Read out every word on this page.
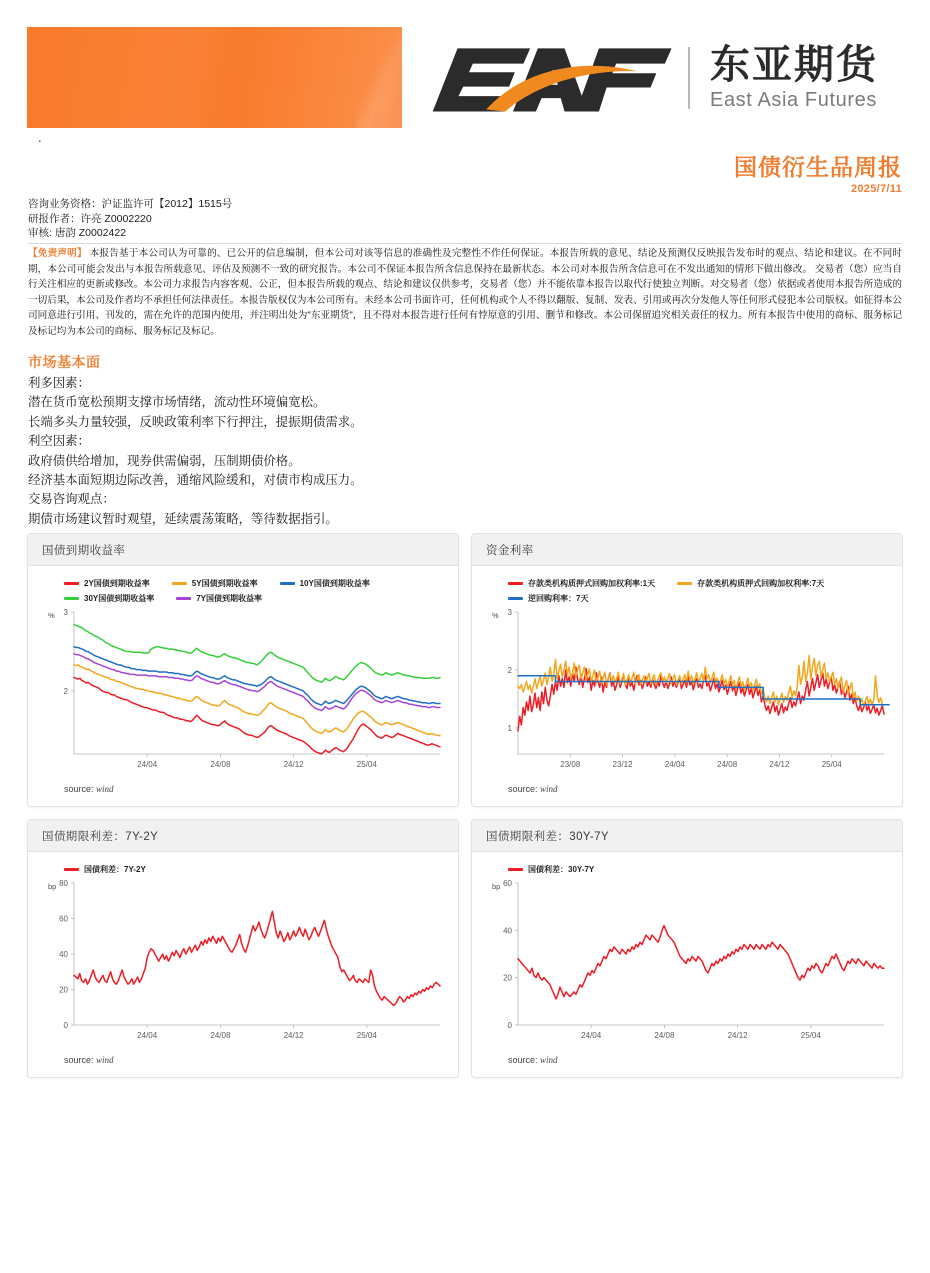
东亚期货
East Asia Futures
.
国债衍生品周报
2025/7/11
咨询业务资格：沪证监许可【2012】1515号
研报作者：许亮 Z0002220
审核: 唐韵 Z0002422
【免责声明】 本报告基于本公司认为可靠的、已公开的信息编制，但本公司对该等信息的准确性及完整性不作任何保证。本报告所载的意见、结论及预测仅反映报告发布时的观点、结论和建议。在不同时期，本公司可能会发出与本报告所载意见、评估及预测不一致的研究报告。本公司不保证本报告所含信息保持在最新状态。本公司对本报告所含信息可在不发出通知的情形下做出修改。 交易者（您）应当自行关注相应的更新或修改。本公司力求报告内容客观、公正，但本报告所载的观点、结论和建议仅供参考，交易者（您）并不能依靠本报告以取代行使独立判断。对交易者（您）依据或者使用本报告所造成的一切后果，本公司及作者均不承担任何法律责任。本报告版权仅为本公司所有。未经本公司书面许可，任何机构或个人不得以翻版、复制、发表、引用或再次分发他人等任何形式侵犯本公司版权。如征得本公司同意进行引用、刊发的，需在允许的范围内使用，并注明出处为"东亚期货"，且不得对本报告进行任何有悖原意的引用、删节和修改。本公司保留追究相关责任的权力。所有本报告中使用的商标、服务标记及标记均为本公司的商标、服务标记及标记。
市场基本面
利多因素：
潜在货币宽松预期支撑市场情绪，流动性环境偏宽松。
长端多头力量较强，反映政策利率下行押注，提振期债需求。
利空因素：
政府债供给增加，现券供需偏弱，压制期债价格。
经济基本面短期边际改善，通缩风险缓和，对债市构成压力。
交易咨询观点：
期债市场建议暂时观望，延续震荡策略，等待数据指引。
国债到期收益率
2Y国债到期收益率	5Y国债到期收益率	10Y国债到期收益率
30Y国债到期收益率	7Y国债到期收益率
%
2
3
24/04	24/08	24/12	25/04
source: wind
资金利率
存款类机构质押式回购加权利率:1天	存款类机构质押式回购加权利率:7天
逆回购利率：7天
%
1
2
3
23/08	23/12	24/04	24/08	24/12	25/04
source: wind
国债期限利差：7Y-2Y
国债利差：7Y-2Y
bp
0
20
40
60
80
24/04	24/08	24/12	25/04
source: wind
国债期限利差：30Y-7Y
国债利差：30Y-7Y
bp
0
20
40
60
24/04	24/08	24/12	25/04
source: wind
